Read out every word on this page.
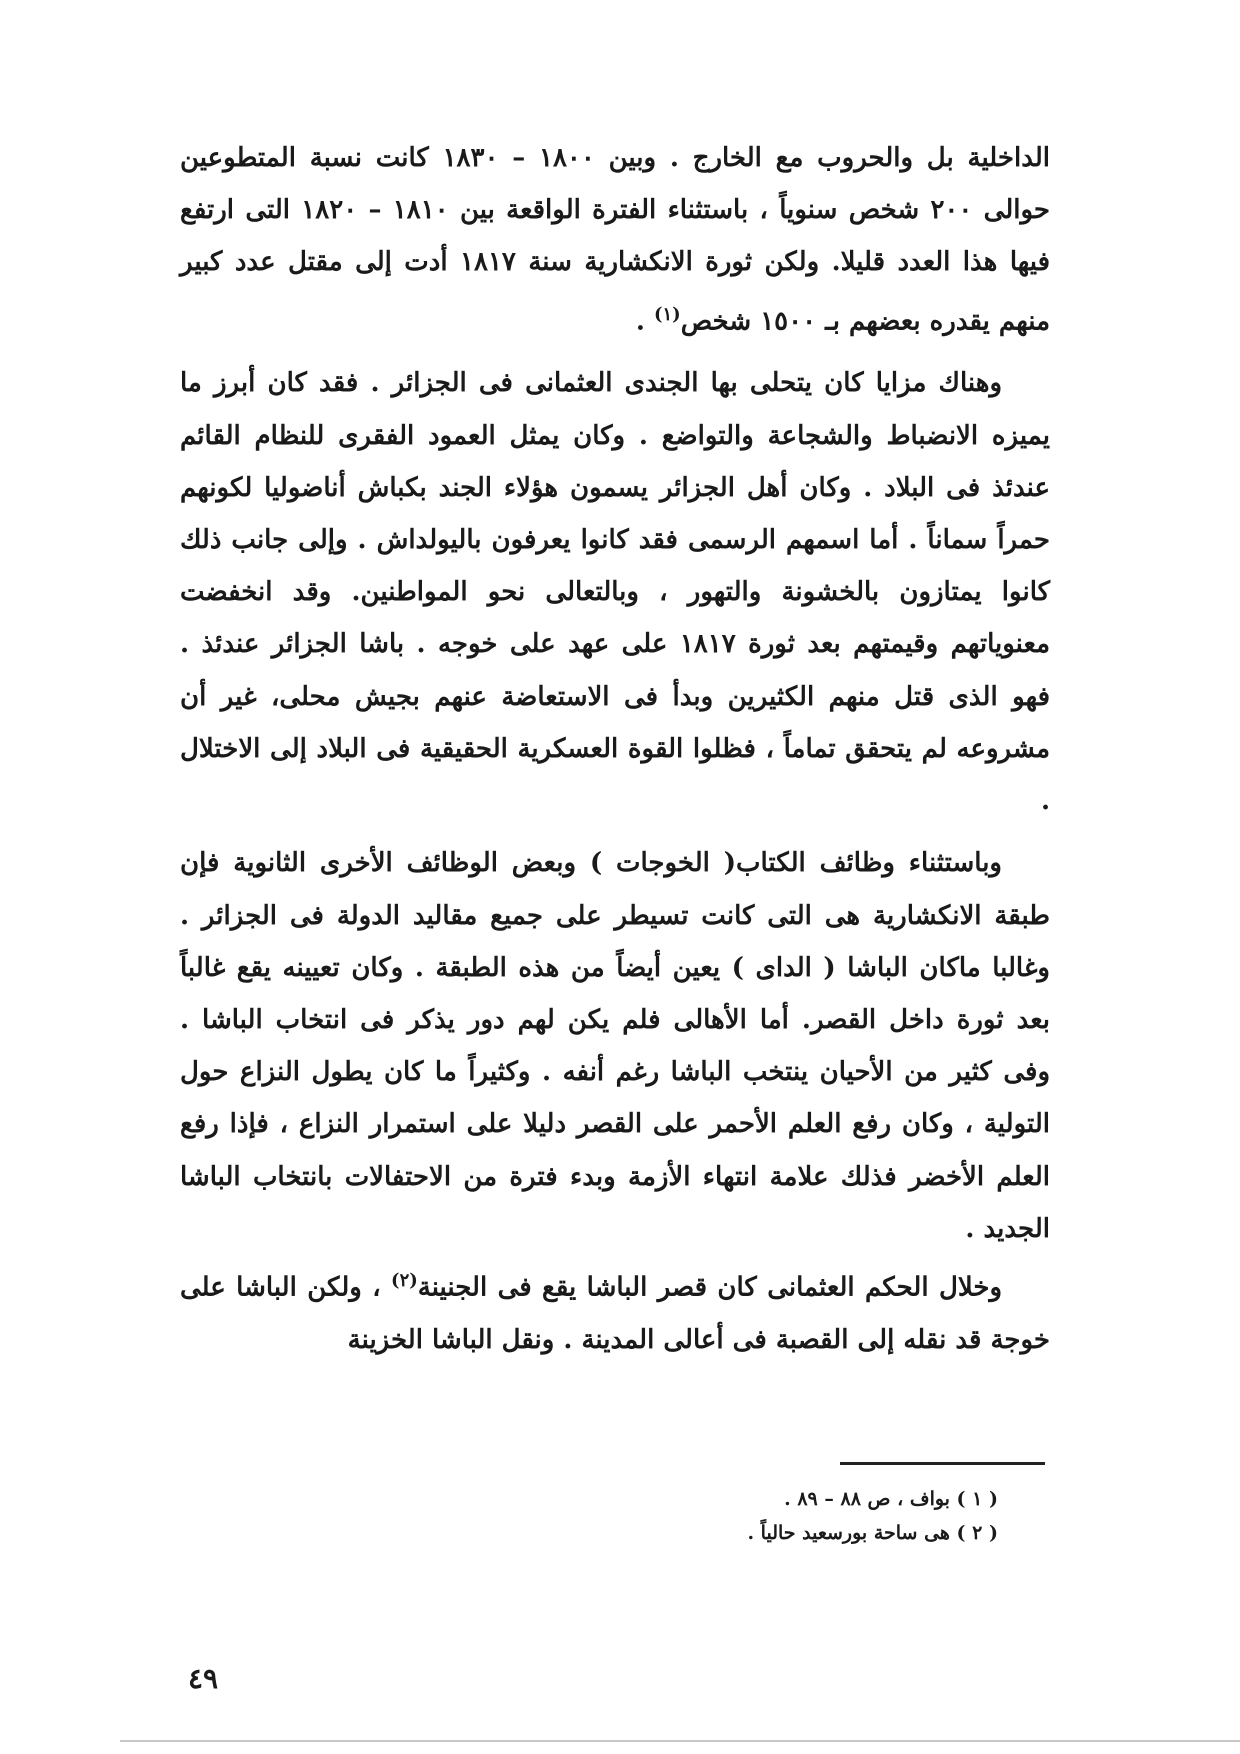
الداخلية بل والحروب مع الخارج . وبين ١٨٠٠ – ١٨٣٠ كانت نسبة المتطوعين حوالى ٢٠٠ شخص سنوياً ، باستثناء الفترة الواقعة بين ١٨١٠ – ١٨٢٠ التى ارتفع فيها هذا العدد قليلا. ولكن ثورة الانكشارية سنة ١٨١٧ أدت إلى مقتل عدد كبير منهم يقدره بعضهم بـ ١٥٠٠ شخص$^{(١)}$ .

وهناك مزايا كان يتحلى بها الجندى العثمانى فى الجزائر . فقد كان أبرز ما يميزه الانضباط والشجاعة والتواضع . وكان يمثل العمود الفقرى للنظام القائم عندئذ فى البلاد . وكان أهل الجزائر يسمون هؤلاء الجند بكباش أناضوليا لكونهم حمراً سماناً . أما اسمهم الرسمى فقد كانوا يعرفون باليولداش . وإلى جانب ذلك كانوا يمتازون بالخشونة والتهور ، وبالتعالى نحو المواطنين. وقد انخفضت معنوياتهم وقيمتهم بعد ثورة ١٨١٧ على عهد على خوجه . باشا الجزائر عندئذ . فهو الذى قتل منهم الكثيرين وبدأ فى الاستعاضة عنهم بجيش محلى، غير أن مشروعه لم يتحقق تماماً ، فظلوا القوة العسكرية الحقيقية فى البلاد إلى الاختلال .

وباستثناء وظائف الكتاب( الخوجات ) وبعض الوظائف الأخرى الثانوية فإن طبقة الانكشارية هى التى كانت تسيطر على جميع مقاليد الدولة فى الجزائر . وغالبا ماكان الباشا ( الداى ) يعين أيضاً من هذه الطبقة . وكان تعيينه يقع غالباً بعد ثورة داخل القصر. أما الأهالى فلم يكن لهم دور يذكر فى انتخاب الباشا . وفى كثير من الأحيان ينتخب الباشا رغم أنفه . وكثيراً ما كان يطول النزاع حول التولية ، وكان رفع العلم الأحمر على القصر دليلا على استمرار النزاع ، فإذا رفع العلم الأخضر فذلك علامة انتهاء الأزمة وبدء فترة من الاحتفالات بانتخاب الباشا الجديد .

وخلال الحكم العثمانى كان قصر الباشا يقع فى الجنينة$^{(٢)}$ ، ولكن الباشا على خوجة قد نقله إلى القصبة فى أعالى المدينة . ونقل الباشا الخزينة

( ١ ) بواف ، ص ٨٨ – ٨٩ .

( ٢ ) هى ساحة بورسعيد حالياً .

٤٩
